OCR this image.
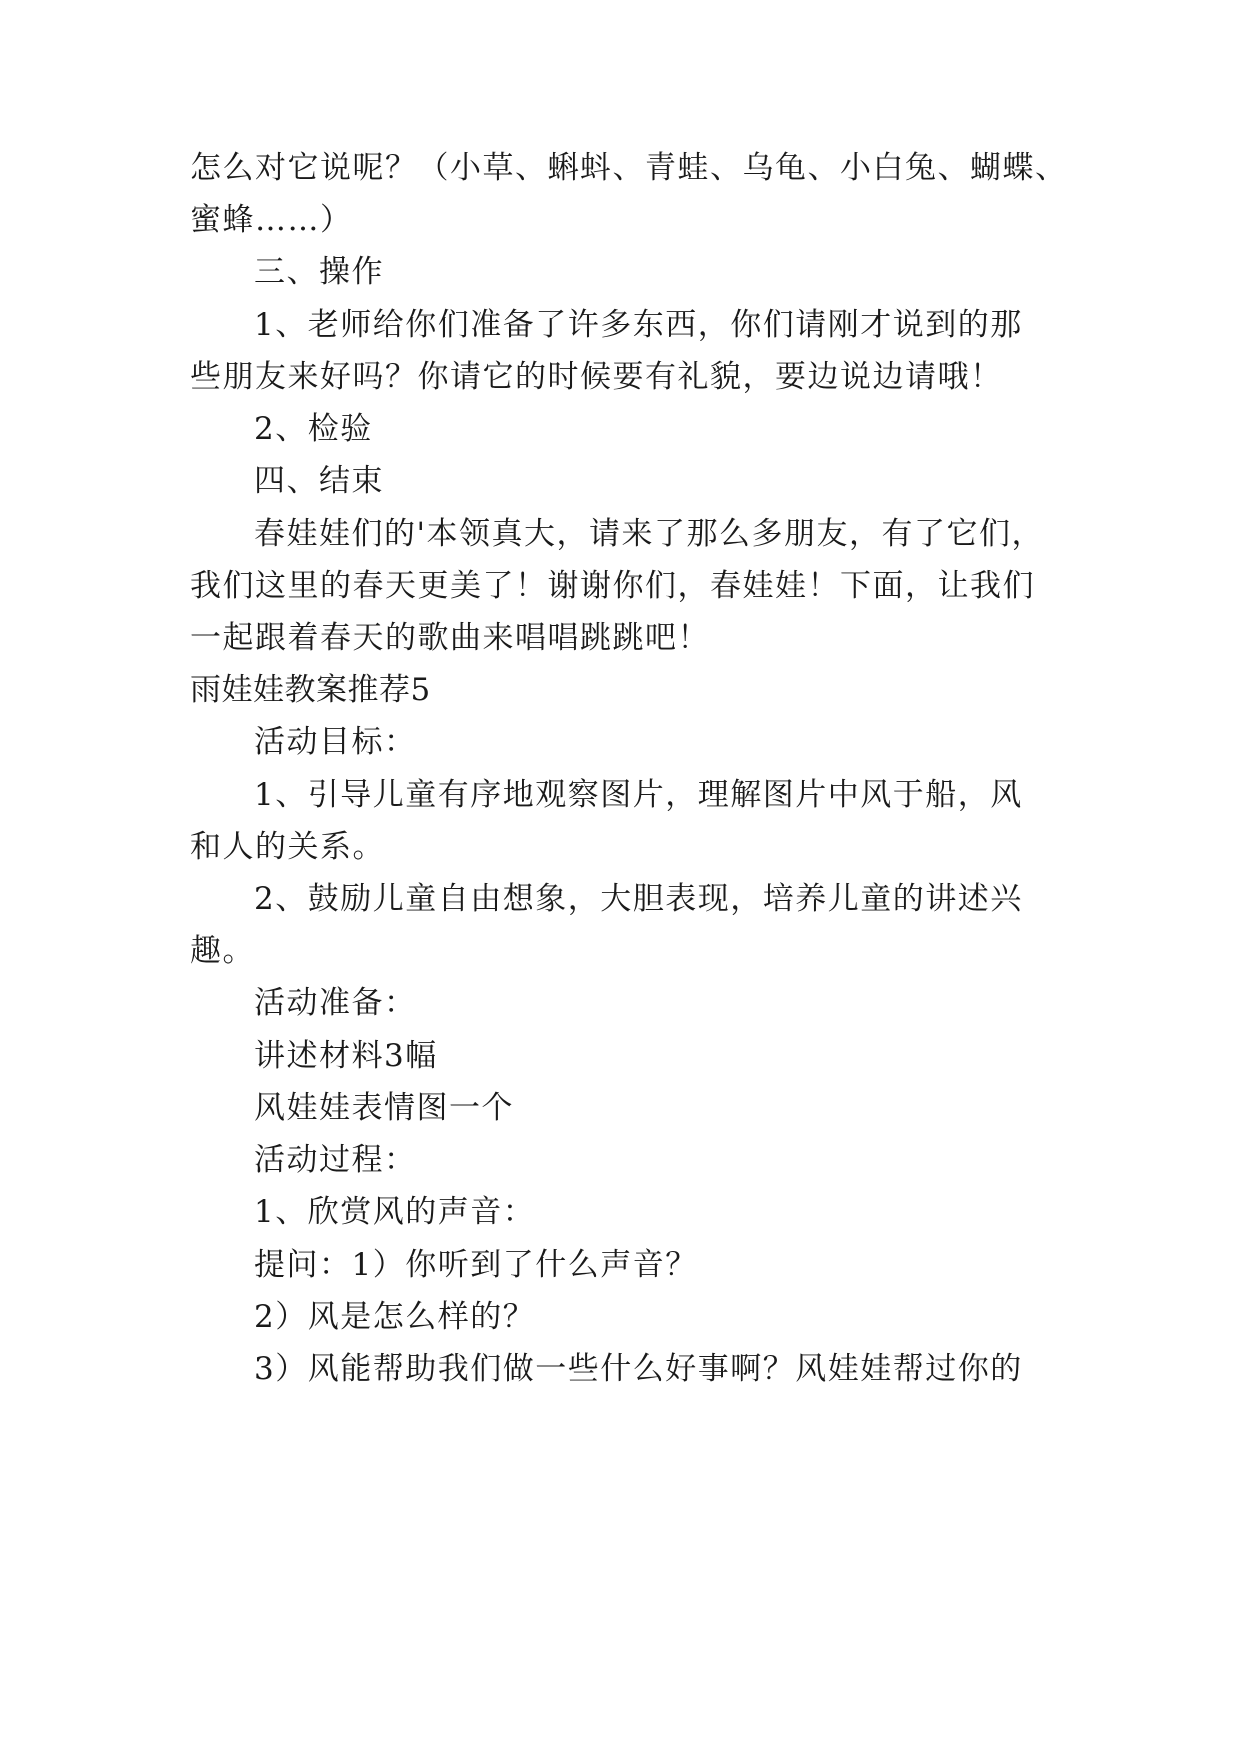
怎么对它说呢？（小草、蝌蚪、青蛙、乌龟、小白兔、蝴蝶、
蜜蜂……）
三、操作
1、老师给你们准备了许多东西，你们请刚才说到的那
些朋友来好吗？你请它的时候要有礼貌，要边说边请哦！
2、检验
四、结束
春娃娃们的'本领真大，请来了那么多朋友，有了它们，
我们这里的春天更美了！谢谢你们，春娃娃！下面，让我们
一起跟着春天的歌曲来唱唱跳跳吧！
雨娃娃教案推荐5
活动目标：
1、引导儿童有序地观察图片，理解图片中风于船，风
和人的关系。
2、鼓励儿童自由想象，大胆表现，培养儿童的讲述兴
趣。
活动准备：
讲述材料3幅
风娃娃表情图一个
活动过程：
1、欣赏风的声音：
提问：1）你听到了什么声音？
2）风是怎么样的？
3）风能帮助我们做一些什么好事啊？风娃娃帮过你的
